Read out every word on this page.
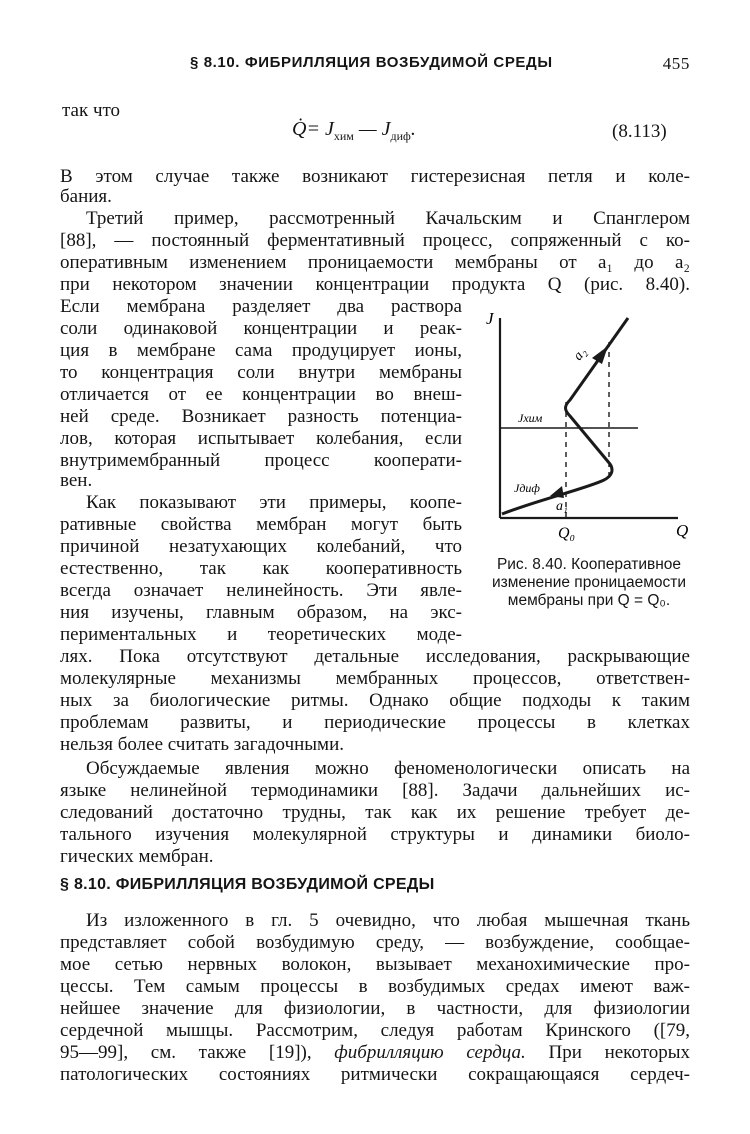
§ 8.10. ФИБРИЛЛЯЦИЯ ВОЗБУДИМОЙ СРЕДЫ	455
так что
Q̇= $J_{хим}$ — $J_{диф}$.	(8.113)
В этом случае также возникают гистерезисная петля и коле-
бания.
Третий пример, рассмотренный Качальским и Спанглером
[88], — постоянный ферментативный процесс, сопряженный с ко-
оперативным изменением проницаемости мембраны от a₁ до a₂
при некотором значении концентрации продукта Q (рис. 8.40).
Если мембрана разделяет два раствора
соли одинаковой концентрации и реак-
ция в мембране сама продуцирует ионы,
то концентрация соли внутри мембраны
отличается от ее концентрации во внеш-
ней среде. Возникает разность потенциа-
лов, которая испытывает колебания, если
внутримембранный процесс кооперати-
вен.
Как показывают эти примеры, коопе-
ративные свойства мембран могут быть
причиной незатухающих колебаний, что
естественно, так как кооперативность
всегда означает нелинейность. Эти явле-
ния изучены, главным образом, на экс-
периментальных и теоретических моде-
лях. Пока отсутствуют детальные исследования, раскрывающие
молекулярные механизмы мембранных процессов, ответствен-
ных за биологические ритмы. Однако общие подходы к таким
проблемам развиты, и периодические процессы в клетках
нельзя более считать загадочными.
Обсуждаемые явления можно феноменологически описать на
языке нелинейной термодинамики [88]. Задачи дальнейших ис-
следований достаточно трудны, так как их решение требует де-
тального изучения молекулярной структуры и динамики биоло-
гических мембран.
§ 8.10. ФИБРИЛЛЯЦИЯ ВОЗБУДИМОЙ СРЕДЫ
Из изложенного в гл. 5 очевидно, что любая мышечная ткань
представляет собой возбудимую среду, — возбуждение, сообщае-
мое сетью нервных волокон, вызывает механохимические про-
цессы. Тем самым процессы в возбудимых средах имеют важ-
нейшее значение для физиологии, в частности, для физиологии
сердечной мышцы. Рассмотрим, следуя работам Кринского ([79,
95—99], см. также [19]), фибрилляцию сердца. При некоторых
патологических состояниях ритмически сокращающаяся сердеч-
J
Q
Q₀
Jхим
Jдиф
a₁
a₂
Рис. 8.40. Кооперативное
изменение проницаемости
мембраны при Q = Q₀.
